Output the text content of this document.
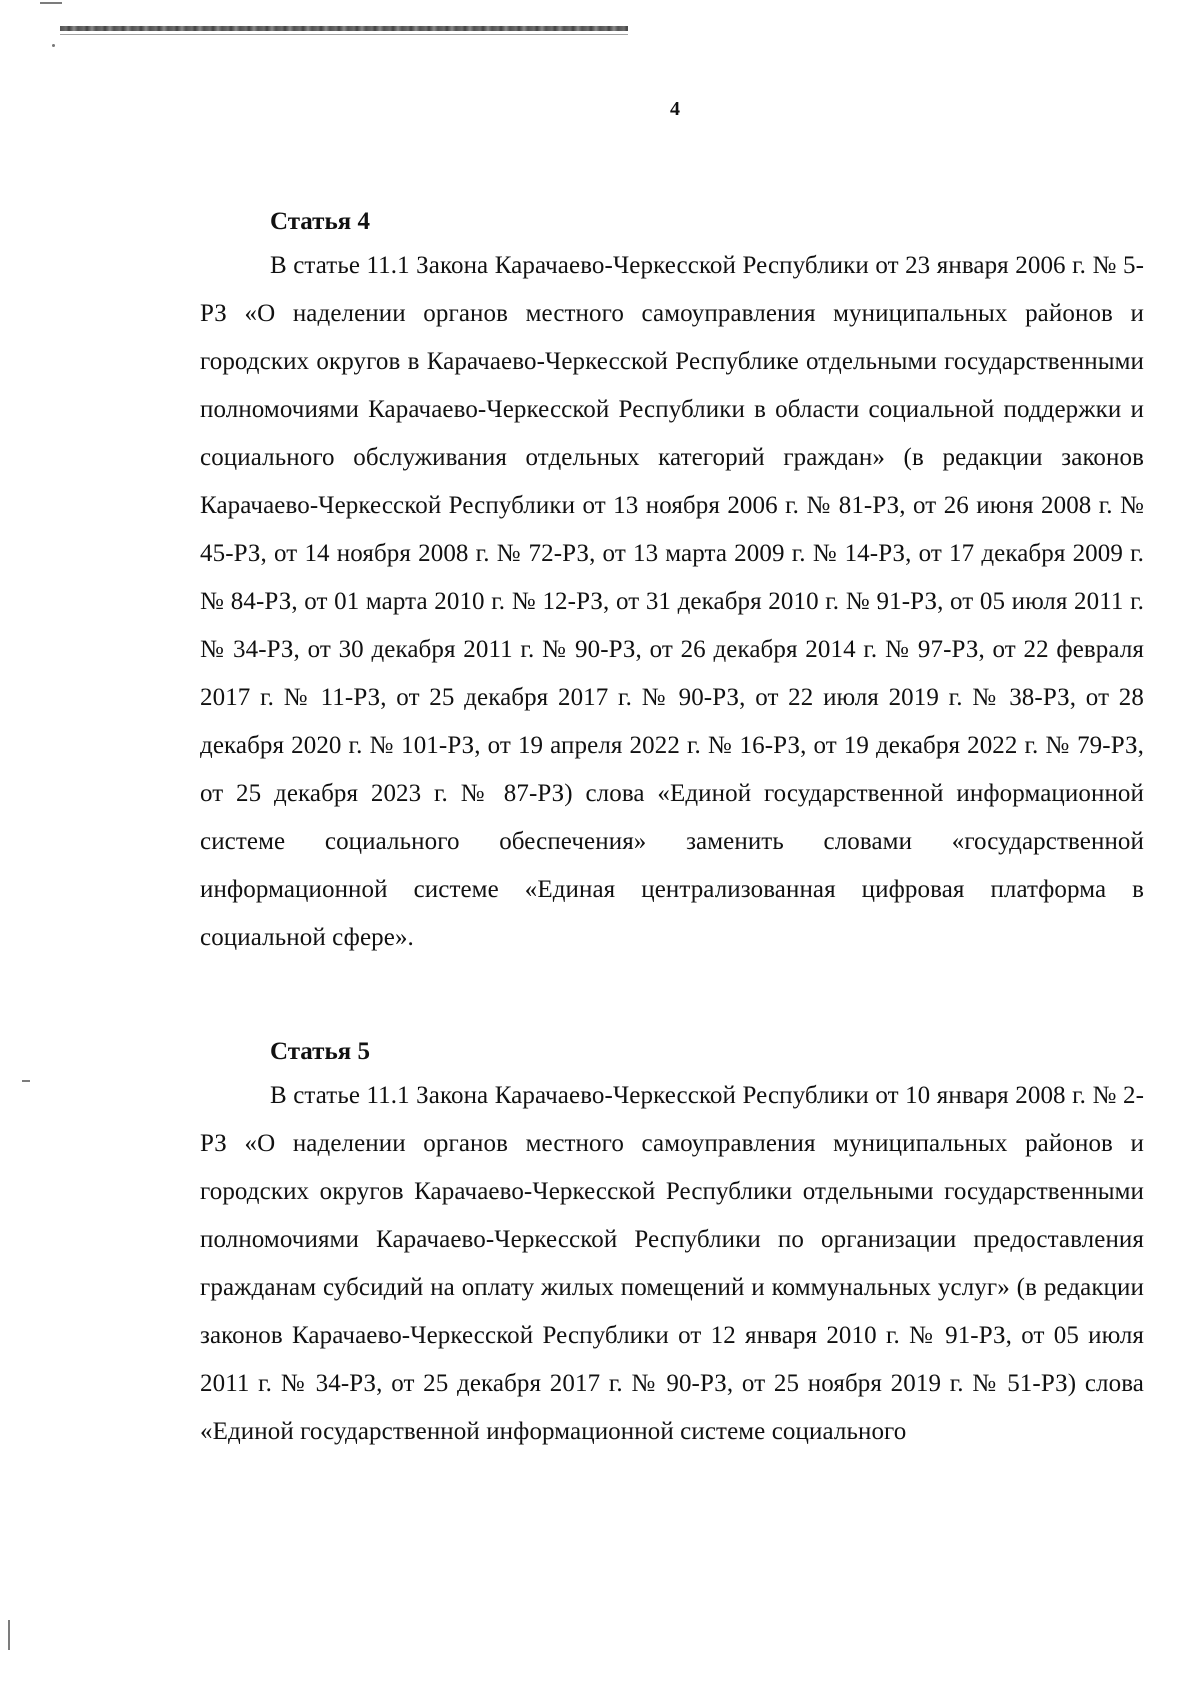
4
Статья 4

В статье 11.1 Закона Карачаево-Черкесской Республики от 23 января 2006 г. № 5-РЗ «О наделении органов местного самоуправления муниципальных районов и городских округов в Карачаево-Черкесской Республике отдельными государственными полномочиями Карачаево-Черкесской Республики в области социальной поддержки и социального обслуживания отдельных категорий граждан» (в редакции законов Карачаево-Черкесской Республики от 13 ноября 2006 г. № 81-РЗ, от 26 июня 2008 г. № 45-РЗ, от 14 ноября 2008 г. № 72-РЗ, от 13 марта 2009 г. № 14-РЗ, от 17 декабря 2009 г. № 84-РЗ, от 01 марта 2010 г. № 12-РЗ, от 31 декабря 2010 г. № 91-РЗ, от 05 июля 2011 г. № 34-РЗ, от 30 декабря 2011 г. № 90-РЗ, от 26 декабря 2014 г. № 97-РЗ, от 22 февраля 2017 г. № 11-РЗ, от 25 декабря 2017 г. № 90-РЗ, от 22 июля 2019 г. № 38-РЗ, от 28 декабря 2020 г. № 101-РЗ, от 19 апреля 2022 г. № 16-РЗ, от 19 декабря 2022 г. № 79-РЗ, от 25 декабря 2023 г. № 87-РЗ) слова «Единой государственной информационной системе социального обеспечения» заменить словами «государственной информационной системе «Единая централизованная цифровая платформа в социальной сфере».

Статья 5

В статье 11.1 Закона Карачаево-Черкесской Республики от 10 января 2008 г. № 2-РЗ «О наделении органов местного самоуправления муниципальных районов и городских округов Карачаево-Черкесской Республики отдельными государственными полномочиями Карачаево-Черкесской Республики по организации предоставления гражданам субсидий на оплату жилых помещений и коммунальных услуг» (в редакции законов Карачаево-Черкесской Республики от 12 января 2010 г. № 91-РЗ, от 05 июля 2011 г. № 34-РЗ, от 25 декабря 2017 г. № 90-РЗ, от 25 ноября 2019 г. № 51-РЗ) слова «Единой государственной информационной системе социального
